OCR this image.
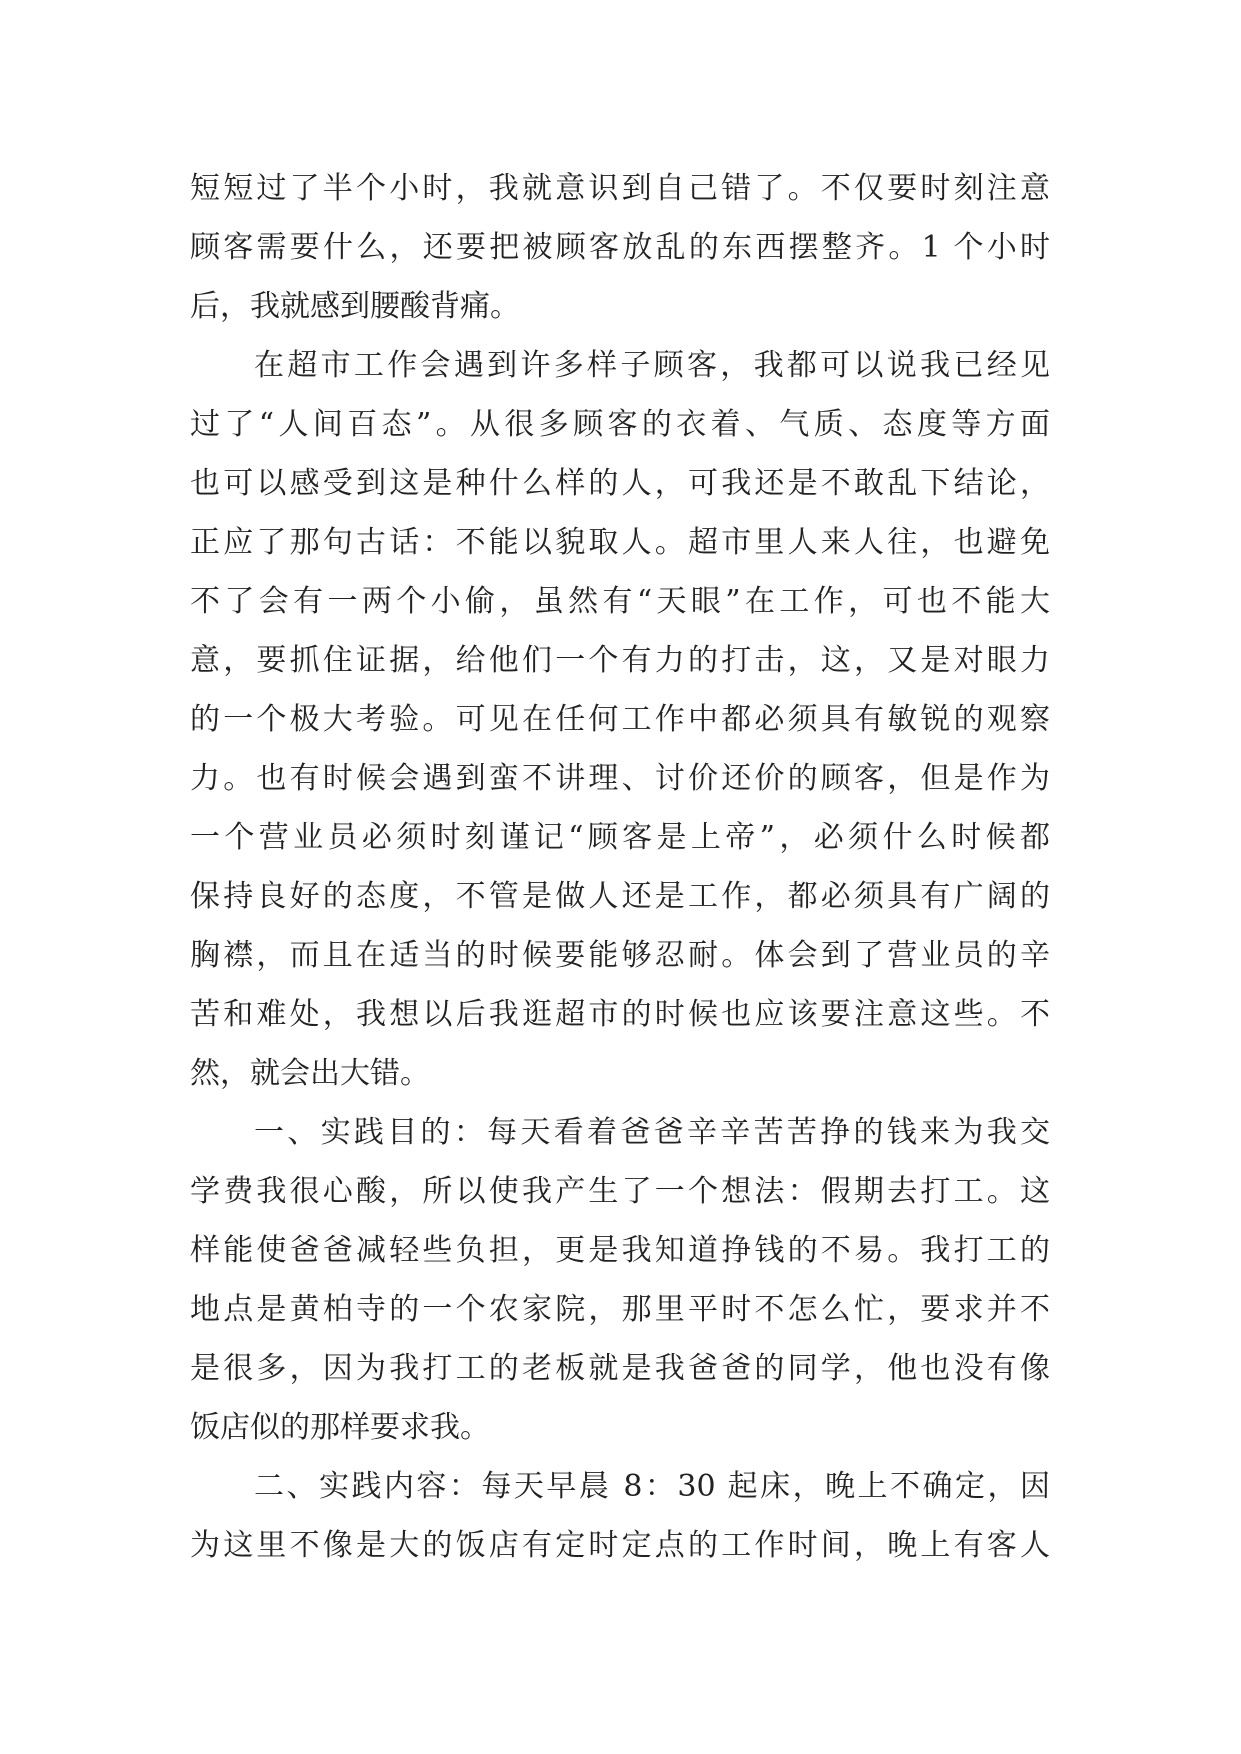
短短过了半个小时，我就意识到自己错了。不仅要时刻注意
顾客需要什么，还要把被顾客放乱的东西摆整齐。1 个小时
后，我就感到腰酸背痛。
在超市工作会遇到许多样子顾客，我都可以说我已经见
过了“人间百态”。从很多顾客的衣着、气质、态度等方面
也可以感受到这是种什么样的人，可我还是不敢乱下结论，
正应了那句古话：不能以貌取人。超市里人来人往，也避免
不了会有一两个小偷，虽然有“天眼”在工作，可也不能大
意，要抓住证据，给他们一个有力的打击，这，又是对眼力
的一个极大考验。可见在任何工作中都必须具有敏锐的观察
力。也有时候会遇到蛮不讲理、讨价还价的顾客，但是作为
一个营业员必须时刻谨记“顾客是上帝”，必须什么时候都
保持良好的态度，不管是做人还是工作，都必须具有广阔的
胸襟，而且在适当的时候要能够忍耐。体会到了营业员的辛
苦和难处，我想以后我逛超市的时候也应该要注意这些。不
然，就会出大错。
一、实践目的：每天看着爸爸辛辛苦苦挣的钱来为我交
学费我很心酸，所以使我产生了一个想法：假期去打工。这
样能使爸爸减轻些负担，更是我知道挣钱的不易。我打工的
地点是黄柏寺的一个农家院，那里平时不怎么忙，要求并不
是很多，因为我打工的老板就是我爸爸的同学，他也没有像
饭店似的那样要求我。
二、实践内容：每天早晨 8：30 起床，晚上不确定，因
为这里不像是大的饭店有定时定点的工作时间，晚上有客人
